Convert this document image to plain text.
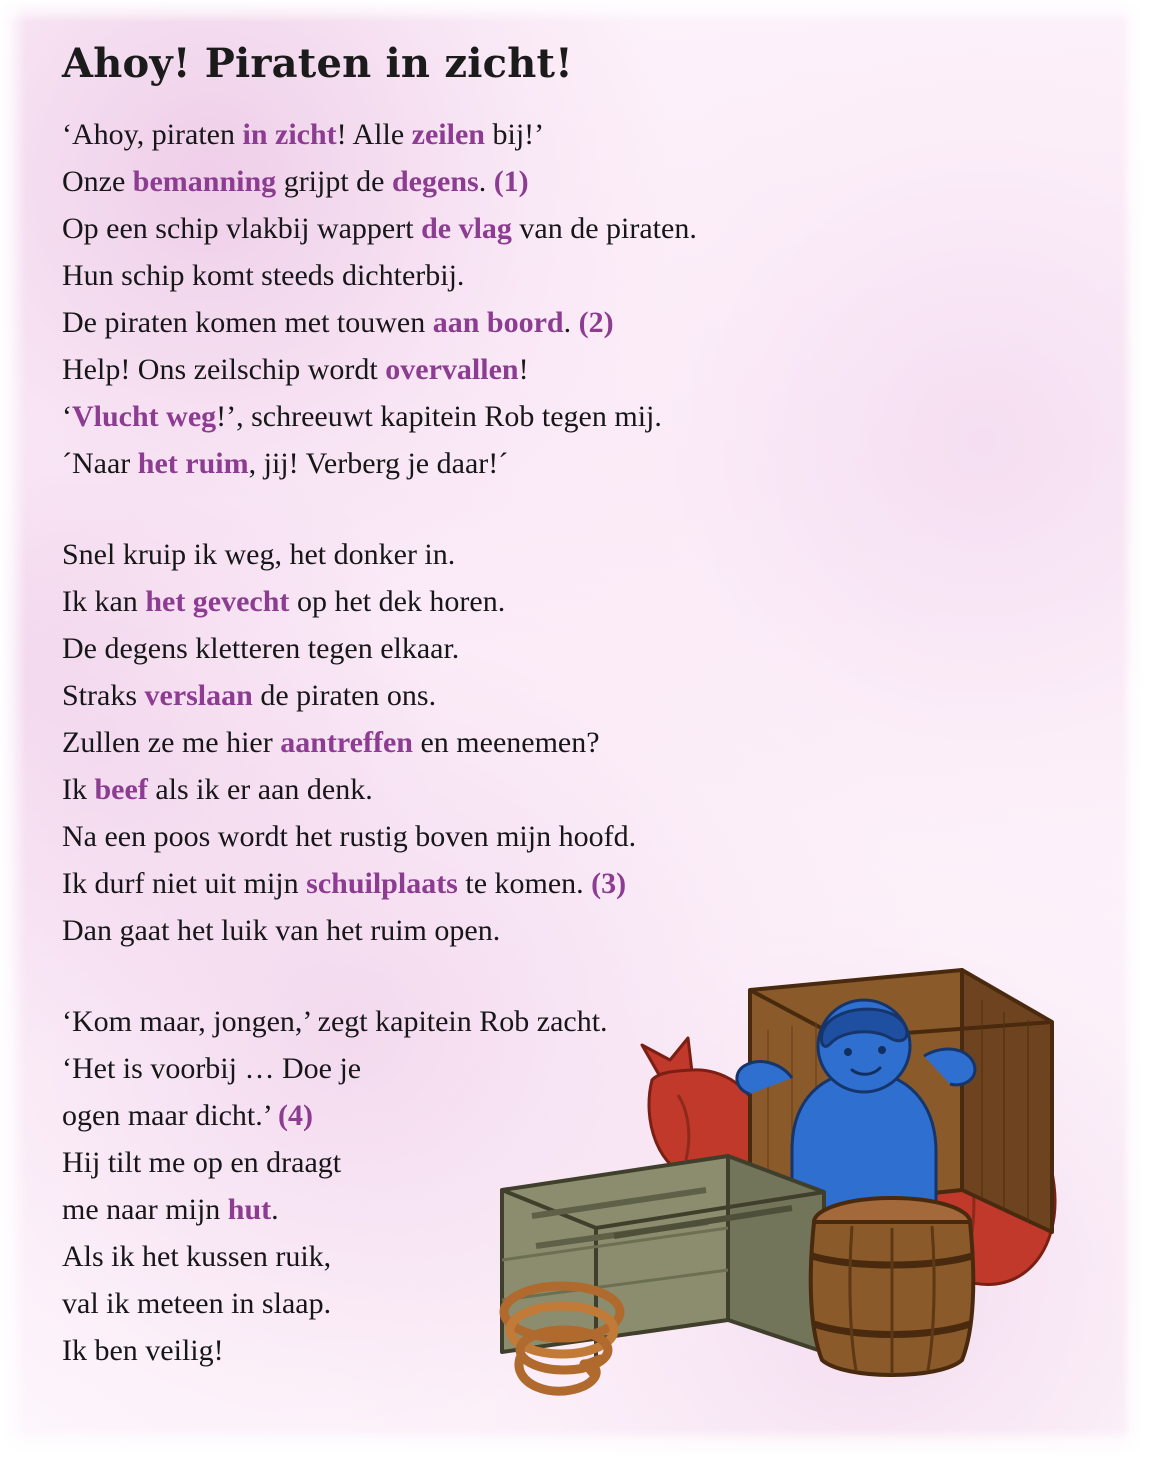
Ahoy! Piraten in zicht!
‘Ahoy, piraten in zicht! Alle zeilen bij!’
Onze bemanning grijpt de degens. (1)
Op een schip vlakbij wappert de vlag van de piraten.
Hun schip komt steeds dichterbij.
De piraten komen met touwen aan boord. (2)
Help! Ons zeilschip wordt overvallen!
‘Vlucht weg!’, schreeuwt kapitein Rob tegen mij.
´Naar het ruim, jij! Verberg je daar!´
Snel kruip ik weg, het donker in.
Ik kan het gevecht op het dek horen.
De degens kletteren tegen elkaar.
Straks verslaan de piraten ons.
Zullen ze me hier aantreffen en meenemen?
Ik beef als ik er aan denk.
Na een poos wordt het rustig boven mijn hoofd.
Ik durf niet uit mijn schuilplaats te komen. (3)
Dan gaat het luik van het ruim open.
‘Kom maar, jongen,’ zegt kapitein Rob zacht.
‘Het is voorbij … Doe je
ogen maar dicht.’ (4)
Hij tilt me op en draagt
me naar mijn hut.
Als ik het kussen ruik,
val ik meteen in slaap.
Ik ben veilig!
